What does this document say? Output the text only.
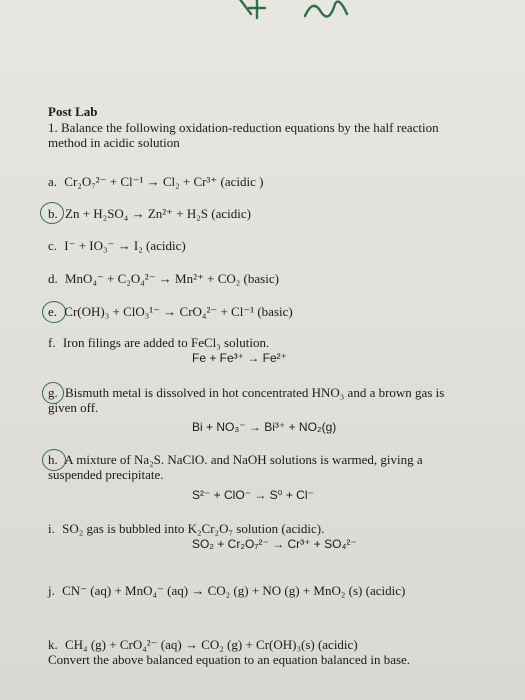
Post Lab
1. Balance the following oxidation-reduction equations by the half reaction
method in acidic solution
a. Cr₂O₇²⁻ + Cl⁻¹ → Cl₂ + Cr³⁺ (acidic )
b. Zn + H₂SO₄ → Zn²⁺ + H₂S (acidic)
c. I⁻ + IO₃⁻ → I₂ (acidic)
d. MnO₄⁻ + C₂O₄²⁻ → Mn²⁺ + CO₂ (basic)
e. Cr(OH)₃ + ClO₃¹⁻ → CrO₄²⁻ + Cl⁻¹ (basic)
f. Iron filings are added to FeCl₃ solution.
Fe + Fe³⁺ → Fe²⁺
g. Bismuth metal is dissolved in hot concentrated HNO₃ and a brown gas is
given off.
Bi + NO₃⁻ → Bi³⁺ + NO₂(g)
h. A mixture of Na₂S. NaClO. and NaOH solutions is warmed, giving a
suspended precipitate.
S²⁻ + ClO⁻ → S⁰ + Cl⁻
i. SO₂ gas is bubbled into K₂Cr₂O₇ solution (acidic).
SO₂ + Cr₂O₇²⁻ → Cr³⁺ + SO₄²⁻
j. CN⁻ (aq) + MnO₄⁻ (aq) → CO₂ (g) + NO (g) + MnO₂ (s) (acidic)
k. CH₄ (g) + CrO₄²⁻ (aq) → CO₂ (g) + Cr(OH)₃(s) (acidic)
Convert the above balanced equation to an equation balanced in base.
